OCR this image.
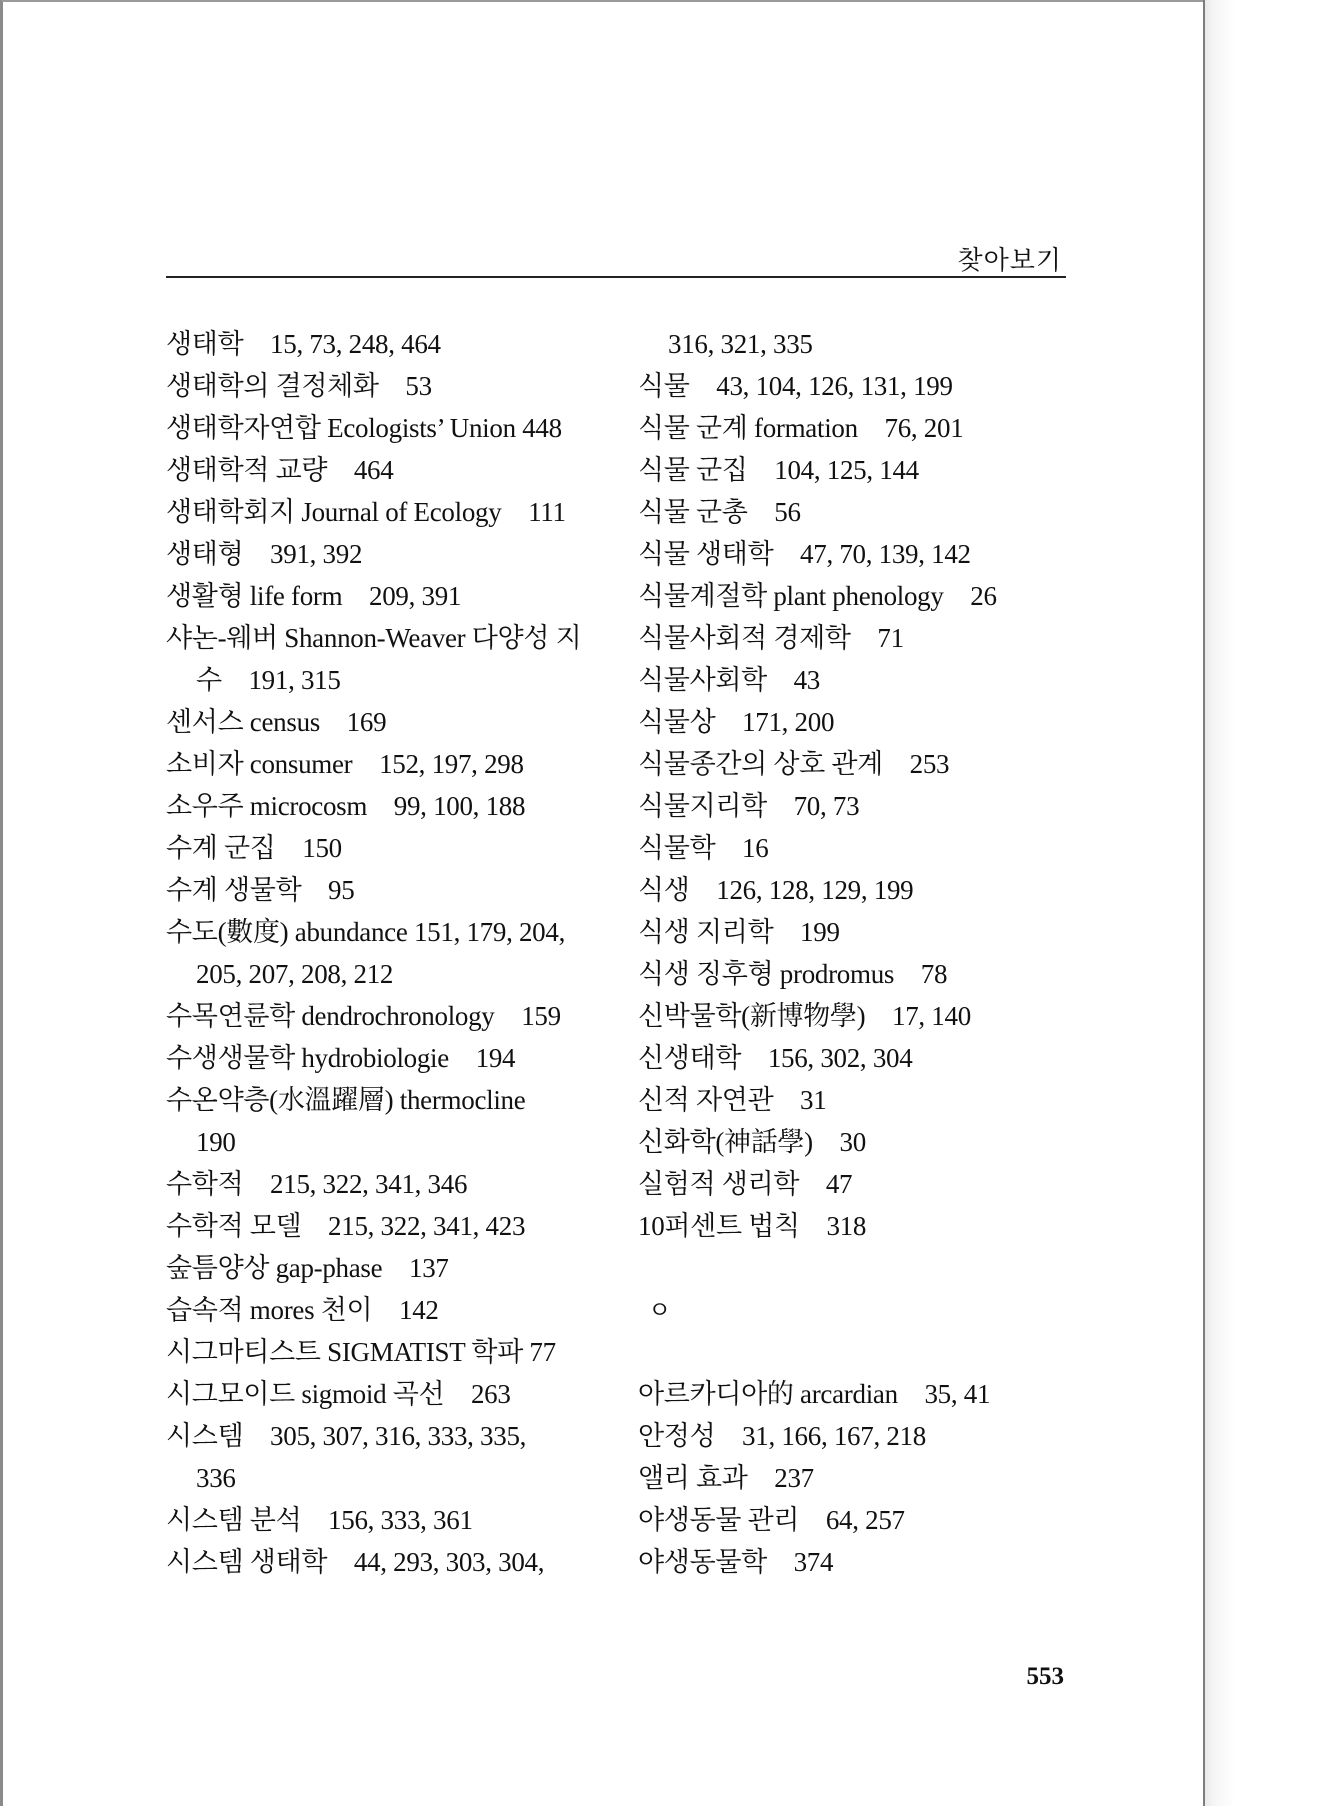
찾아보기
생태학　15, 73, 248, 464
생태학의 결정체화　53
생태학자연합 Ecologists’ Union 448
생태학적 교량　464
생태학회지 Journal of Ecology　111
생태형　391, 392
생활형 life form　209, 391
샤논-웨버 Shannon-Weaver 다양성 지
수　191, 315
센서스 census　169
소비자 consumer　152, 197, 298
소우주 microcosm　99, 100, 188
수계 군집　150
수계 생물학　95
수도(數度) abundance 151, 179, 204,
205, 207, 208, 212
수목연륜학 dendrochronology　159
수생생물학 hydrobiologie　194
수온약층(水溫躍層) thermocline
190
수학적　215, 322, 341, 346
수학적 모델　215, 322, 341, 423
숲틈양상 gap-phase　137
습속적 mores 천이　142
시그마티스트 SIGMATIST 학파 77
시그모이드 sigmoid 곡선　263
시스템　305, 307, 316, 333, 335,
336
시스템 분석　156, 333, 361
시스템 생태학　44, 293, 303, 304,
316, 321, 335
식물　43, 104, 126, 131, 199
식물 군계 formation　76, 201
식물 군집　104, 125, 144
식물 군총　56
식물 생태학　47, 70, 139, 142
식물계절학 plant phenology　26
식물사회적 경제학　71
식물사회학　43
식물상　171, 200
식물종간의 상호 관계　253
식물지리학　70, 73
식물학　16
식생　126, 128, 129, 199
식생 지리학　199
식생 징후형 prodromus　78
신박물학(新博物學)　17, 140
신생태학　156, 302, 304
신적 자연관　31
신화학(神話學)　30
실험적 생리학　47
10퍼센트 법칙　318
ㅇ
아르카디아的 arcardian　35, 41
안정성　31, 166, 167, 218
앨리 효과　237
야생동물 관리　64, 257
야생동물학　374
553
